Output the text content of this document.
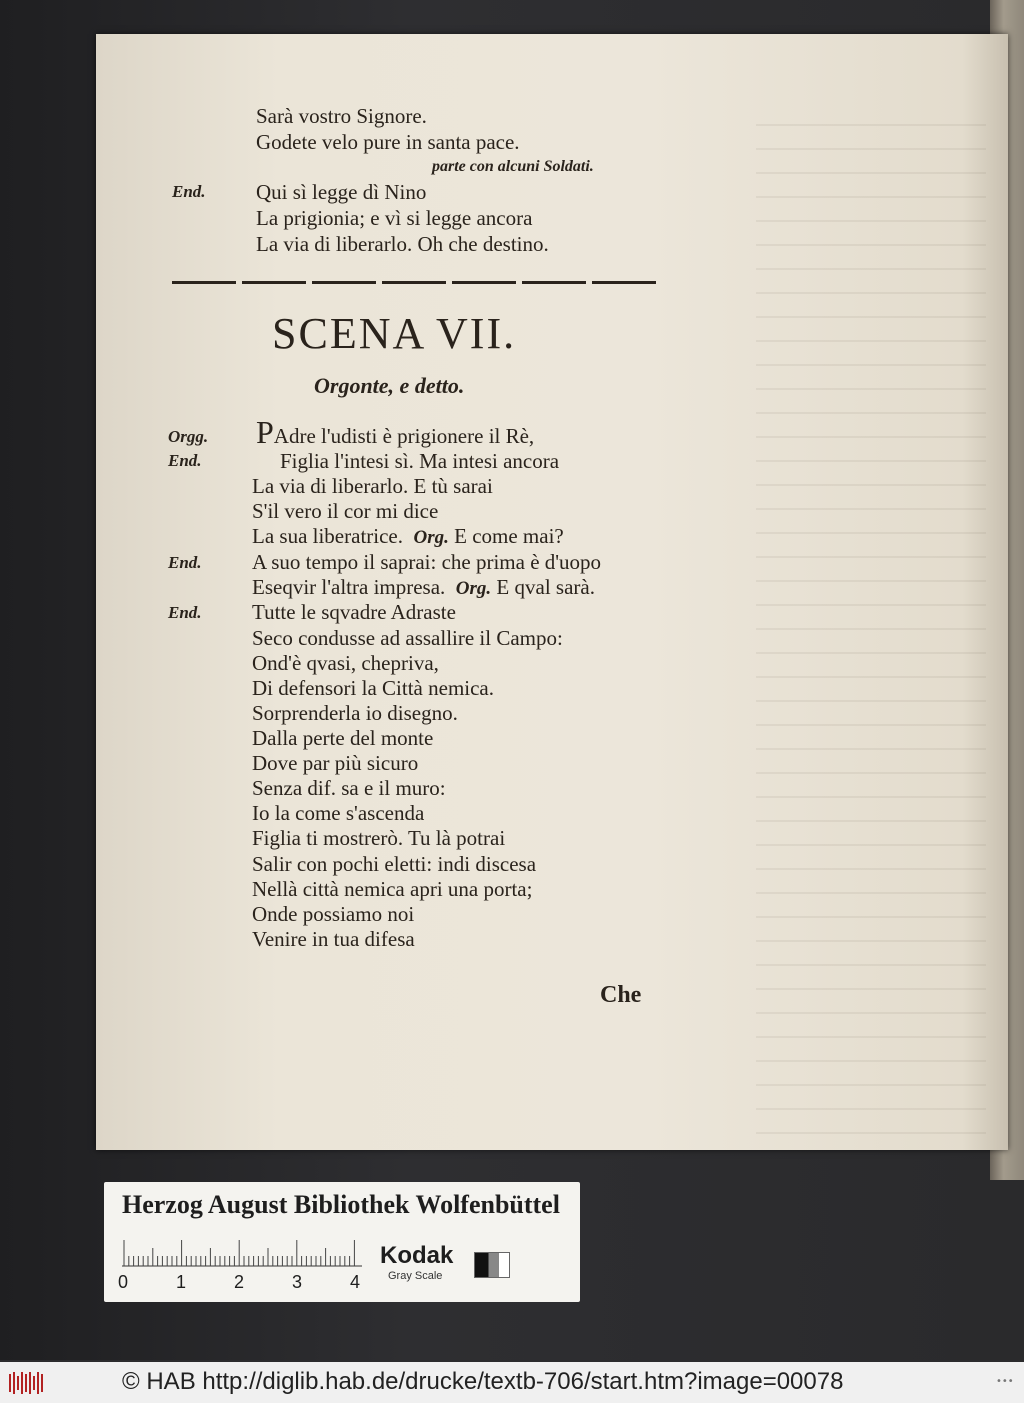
Sarà vostro Signore.
Godete velo pure in santa pace.
parte con alcuni Soldati.
End. Qui sì legge dì Nino
La prigionia; e vì si legge ancora
La via di liberarlo. Oh che destino.
SCENA VII.
Orgonte, e detto.
Orgg.
End.
End.
End.
PAdre l'udisti è prigionere il Rè,
Figlia l'intesi sì. Ma intesi ancora
La via di liberarlo. E tù sarai
S'il vero il cor mi dice
La sua liberatrice. Org. E come mai?
A suo tempo il saprai: che prima è d'uopo
Eseqvir l'altra impresa. Org. E qval sarà.
Tutte le sqvadre Adraste
Seco condusse ad assallire il Campo:
Ond'è qvasi, chepriva,
Di defensori la Città nemica.
Sorprenderla io disegno.
Dalla perte del monte
Dove par più sicuro
Senza dif. sa e il muro:
Io la come s'ascenda
Figlia ti mostrerò. Tu là potrai
Salir con pochi eletti: indi discesa
Nellà città nemica apri una porta;
Onde possiamo noi
Venire in tua difesa
Che
Herzog August Bibliothek Wolfenbüttel
0	1	2	3	4
Kodak
Gray Scale
© HAB http://diglib.hab.de/drucke/textb-706/start.htm?image=00078	•••
